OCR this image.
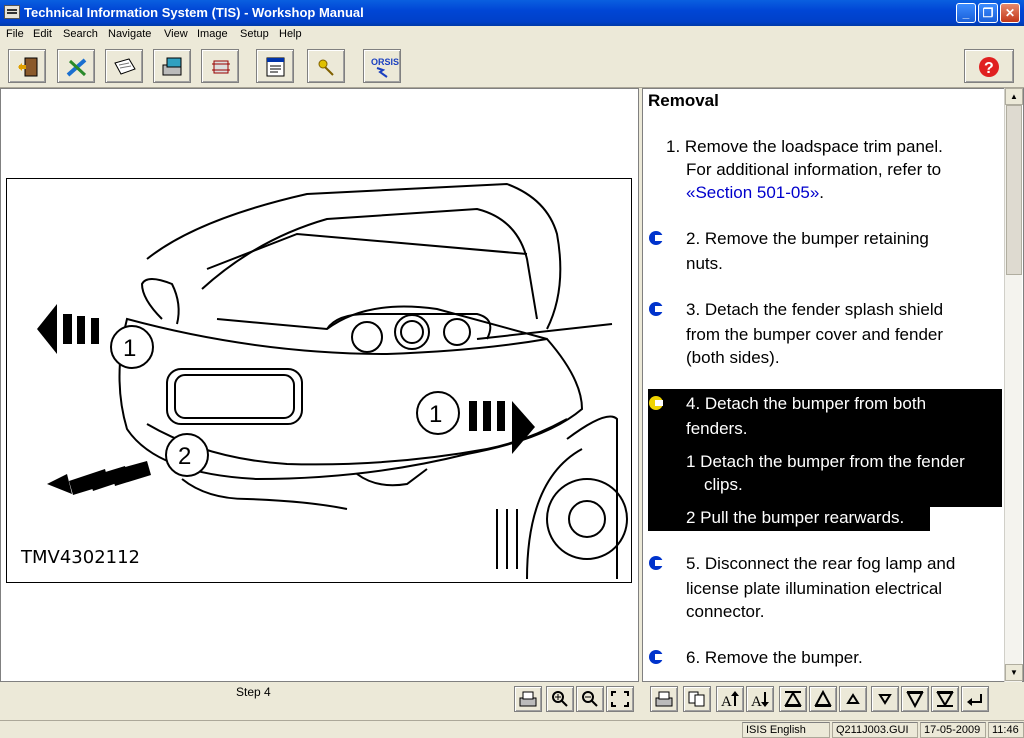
Technical Information System (TIS) - Workshop Manual	_	❐ ✕
File Edit Search Navigate View Image Setup Help
ORSIS	?
1
1
2
TMV4302112
Removal
1. Remove the loadspace trim panel.
For additional information, refer to
«Section 501-05».
2. Remove the bumper retaining
nuts.
3. Detach the fender splash shield
from the bumper cover and fender
(both sides).
4. Detach the bumper from both
fenders.
1 Detach the bumper from the fender
clips.
2 Pull the bumper rearwards.
5. Disconnect the rear fog lamp and
license plate illumination electrical
connector.
6. Remove the bumper.
▲
▼
Step 4
A A
ISIS English	Q211J003.GUI	17-05-2009	11:46
